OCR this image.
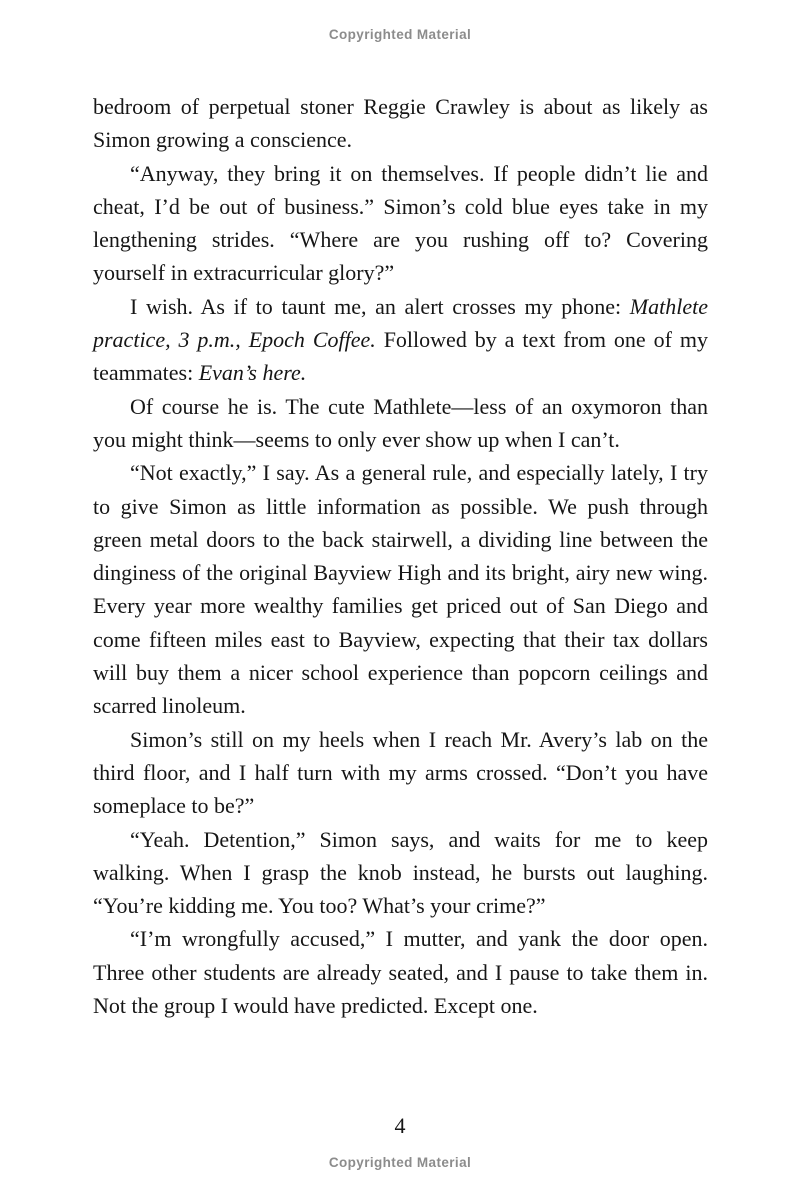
Copyrighted Material

bedroom of perpetual stoner Reggie Crawley is about as likely as Simon growing a conscience.

“Anyway, they bring it on themselves. If people didn’t lie and cheat, I’d be out of business.” Simon’s cold blue eyes take in my lengthening strides. “Where are you rushing off to? Covering yourself in extracurricular glory?”

I wish. As if to taunt me, an alert crosses my phone: Mathlete practice, 3 p.m., Epoch Coffee. Followed by a text from one of my teammates: Evan’s here.

Of course he is. The cute Mathlete—less of an oxymoron than you might think—seems to only ever show up when I can’t.

“Not exactly,” I say. As a general rule, and especially lately, I try to give Simon as little information as possible. We push through green metal doors to the back stairwell, a dividing line between the dinginess of the original Bayview High and its bright, airy new wing. Every year more wealthy families get priced out of San Diego and come fifteen miles east to Bayview, expecting that their tax dollars will buy them a nicer school experience than popcorn ceilings and scarred linoleum.

Simon’s still on my heels when I reach Mr. Avery’s lab on the third floor, and I half turn with my arms crossed. “Don’t you have someplace to be?”

“Yeah. Detention,” Simon says, and waits for me to keep walking. When I grasp the knob instead, he bursts out laughing. “You’re kidding me. You too? What’s your crime?”

“I’m wrongfully accused,” I mutter, and yank the door open. Three other students are already seated, and I pause to take them in. Not the group I would have predicted. Except one.

4
Copyrighted Material
